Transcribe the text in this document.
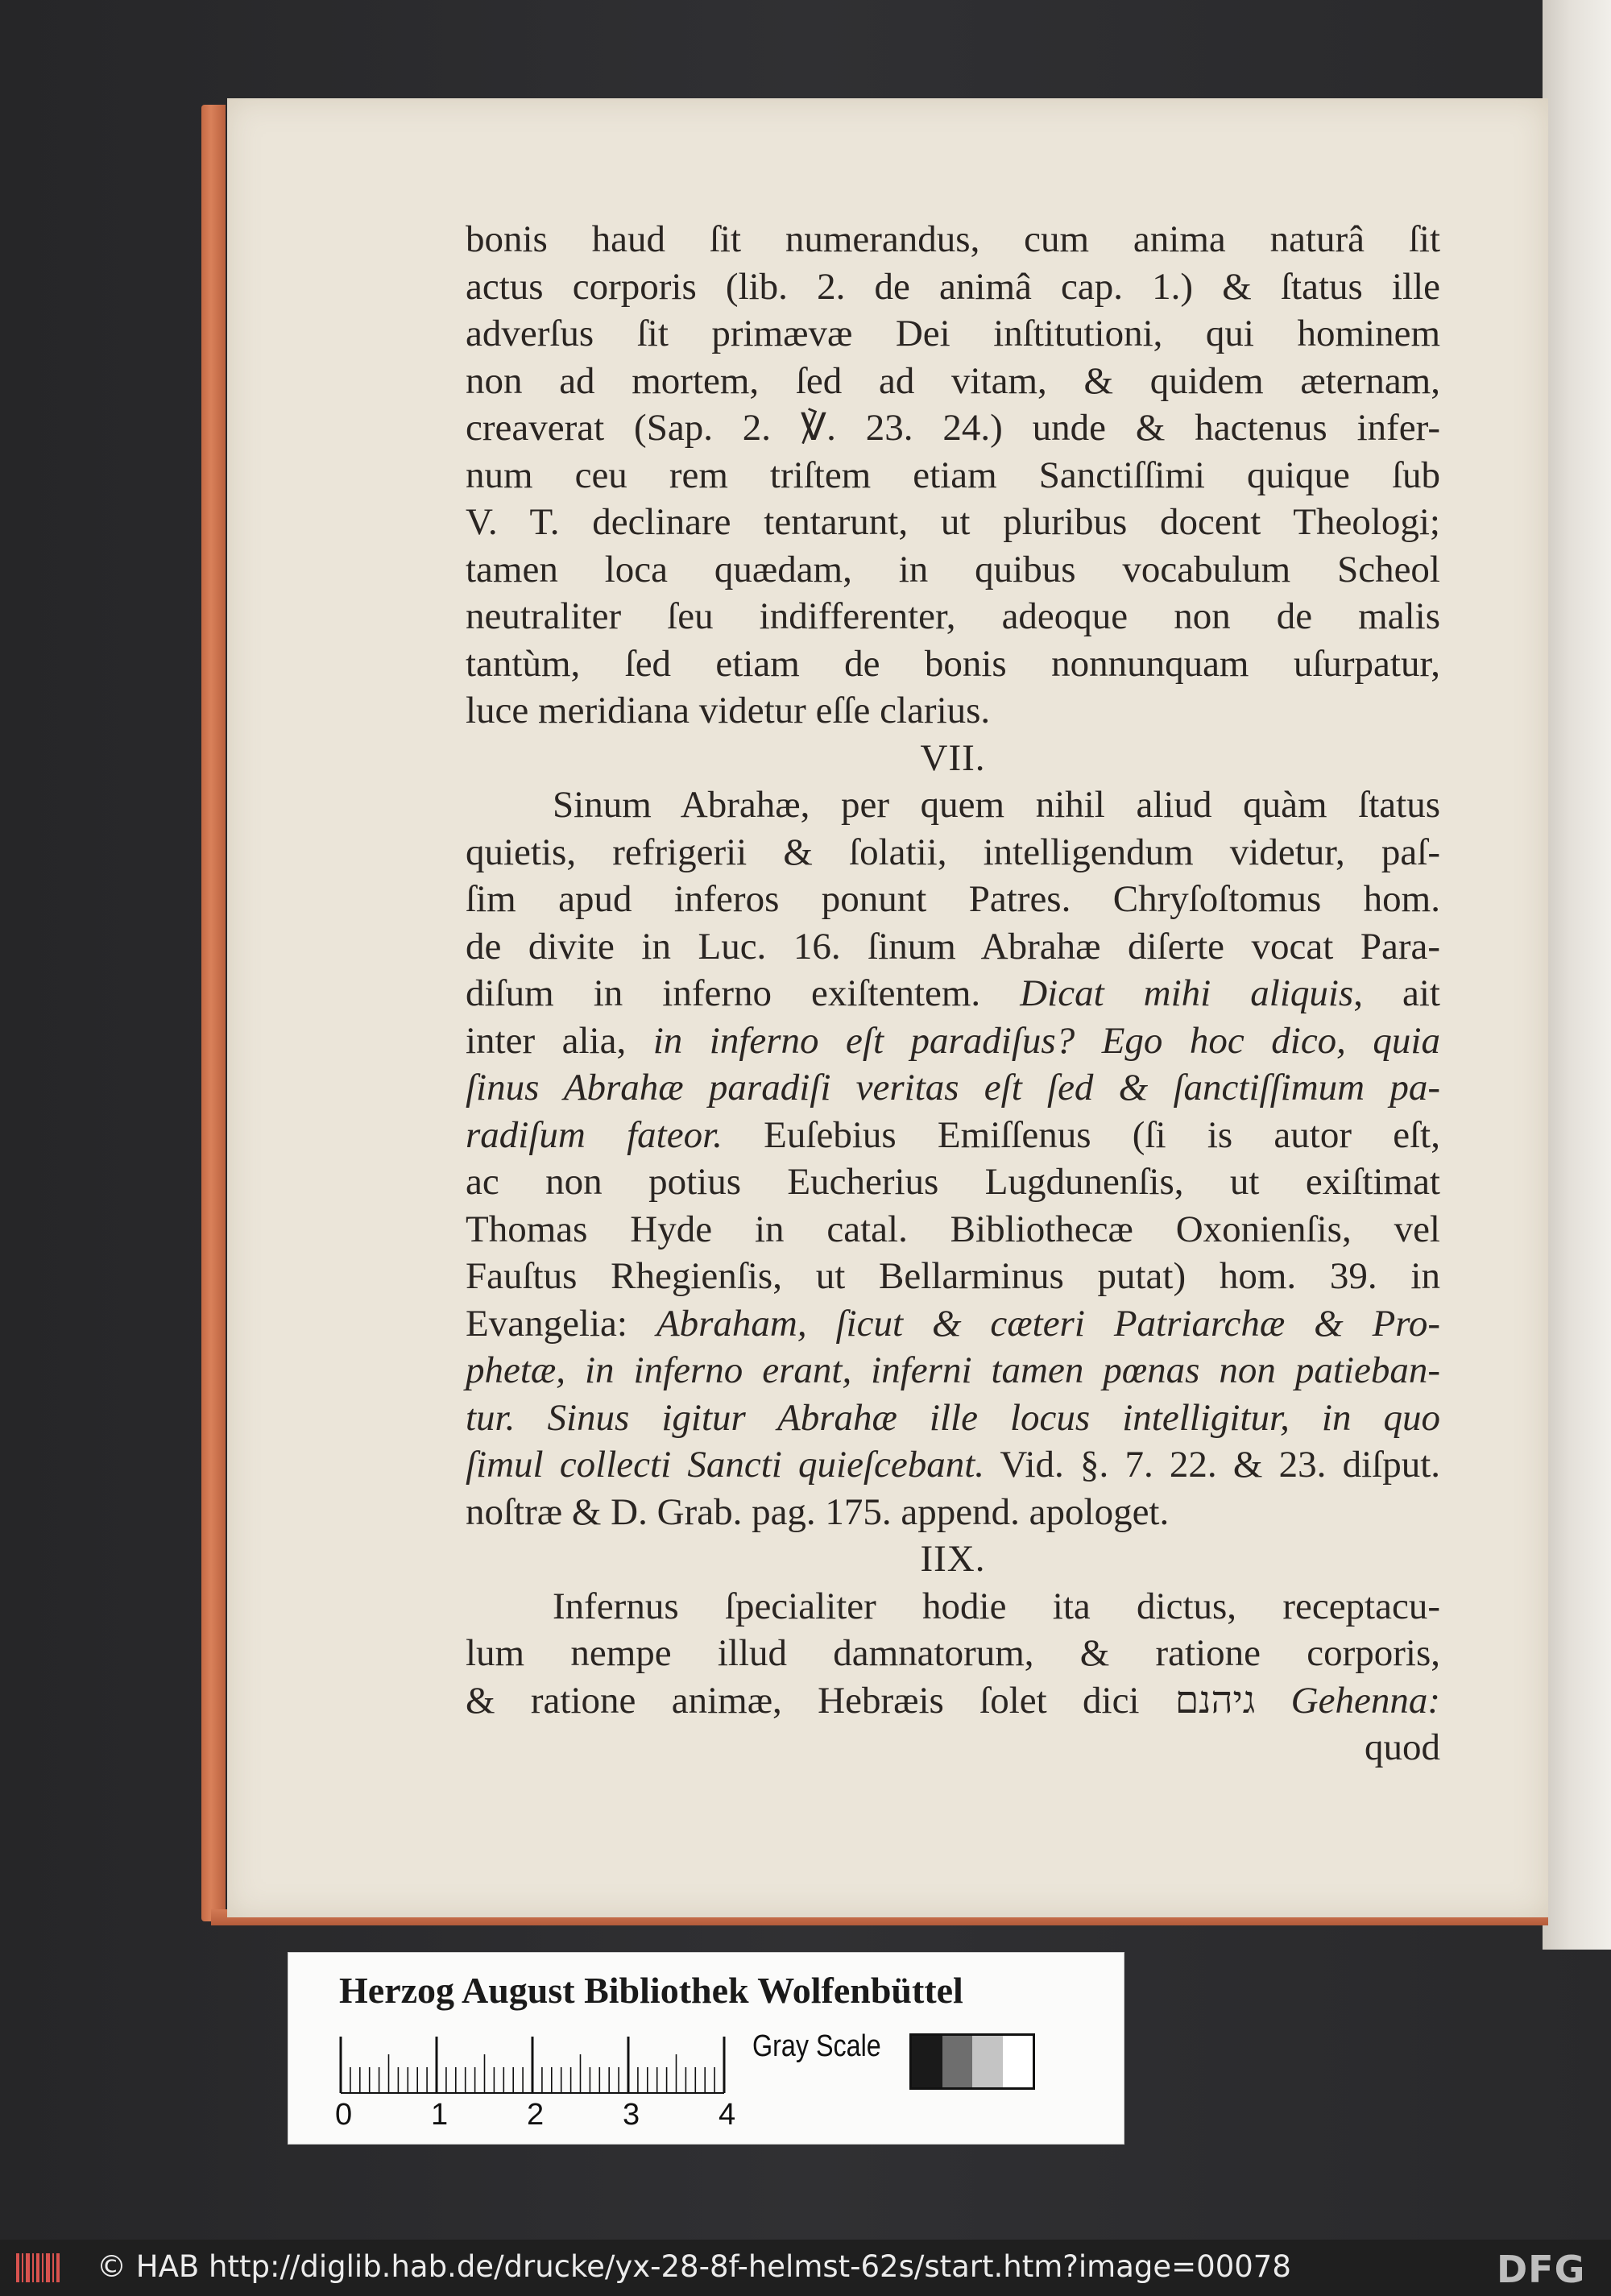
bonis haud ſit numerandus, cum anima naturâ ſit
actus corporis (lib. 2. de animâ cap. 1.) & ſtatus ille
adverſus ſit primævæ Dei inſtitutioni, qui hominem
non ad mortem, ſed ad vitam, & quidem æternam,
creaverat (Sap. 2. ℣. 23. 24.) unde & hactenus infer-
num ceu rem triſtem etiam Sanctiſſimi quique ſub
V. T. declinare tentarunt, ut pluribus docent Theologi;
tamen loca quædam, in quibus vocabulum Scheol
neutraliter ſeu indifferenter, adeoque non de malis
tantùm, ſed etiam de bonis nonnunquam uſurpatur,
luce meridiana videtur eſſe clarius.
VII.
Sinum Abrahæ, per quem nihil aliud quàm ſtatus
quietis, refrigerii & ſolatii, intelligendum videtur, paſ-
ſim apud inferos ponunt Patres. Chryſoſtomus hom.
de divite in Luc. 16. ſinum Abrahæ diſerte vocat Para-
diſum in inferno exiſtentem. Dicat mihi aliquis, ait
inter alia, in inferno eſt paradiſus? Ego hoc dico, quia
ſinus Abrahæ paradiſi veritas eſt ſed & ſanctiſſimum pa-
radiſum fateor. Euſebius Emiſſenus (ſi is autor eſt,
ac non potius Eucherius Lugdunenſis, ut exiſtimat
Thomas Hyde in catal. Bibliothecæ Oxonienſis, vel
Fauſtus Rhegienſis, ut Bellarminus putat) hom. 39. in
Evangelia: Abraham, ſicut & cæteri Patriarchæ & Pro-
phetæ, in inferno erant, inferni tamen pœnas non patieban-
tur. Sinus igitur Abrahæ ille locus intelligitur, in quo
ſimul collecti Sancti quieſcebant. Vid. §. 7. 22. & 23. diſput.
noſtræ & D. Grab. pag. 175. append. apologet.
IIX.
Infernus ſpecialiter hodie ita dictus, receptacu-
lum nempe illud damnatorum, & ratione corporis,
& ratione animæ, Hebræis ſolet dici גיהנם Gehenna:
quod
Herzog August Bibliothek Wolfenbüttel
0	1	2	3	4
Gray Scale
© HAB http://diglib.hab.de/drucke/yx-28-8f-helmst-62s/start.htm?image=00078	DFG
